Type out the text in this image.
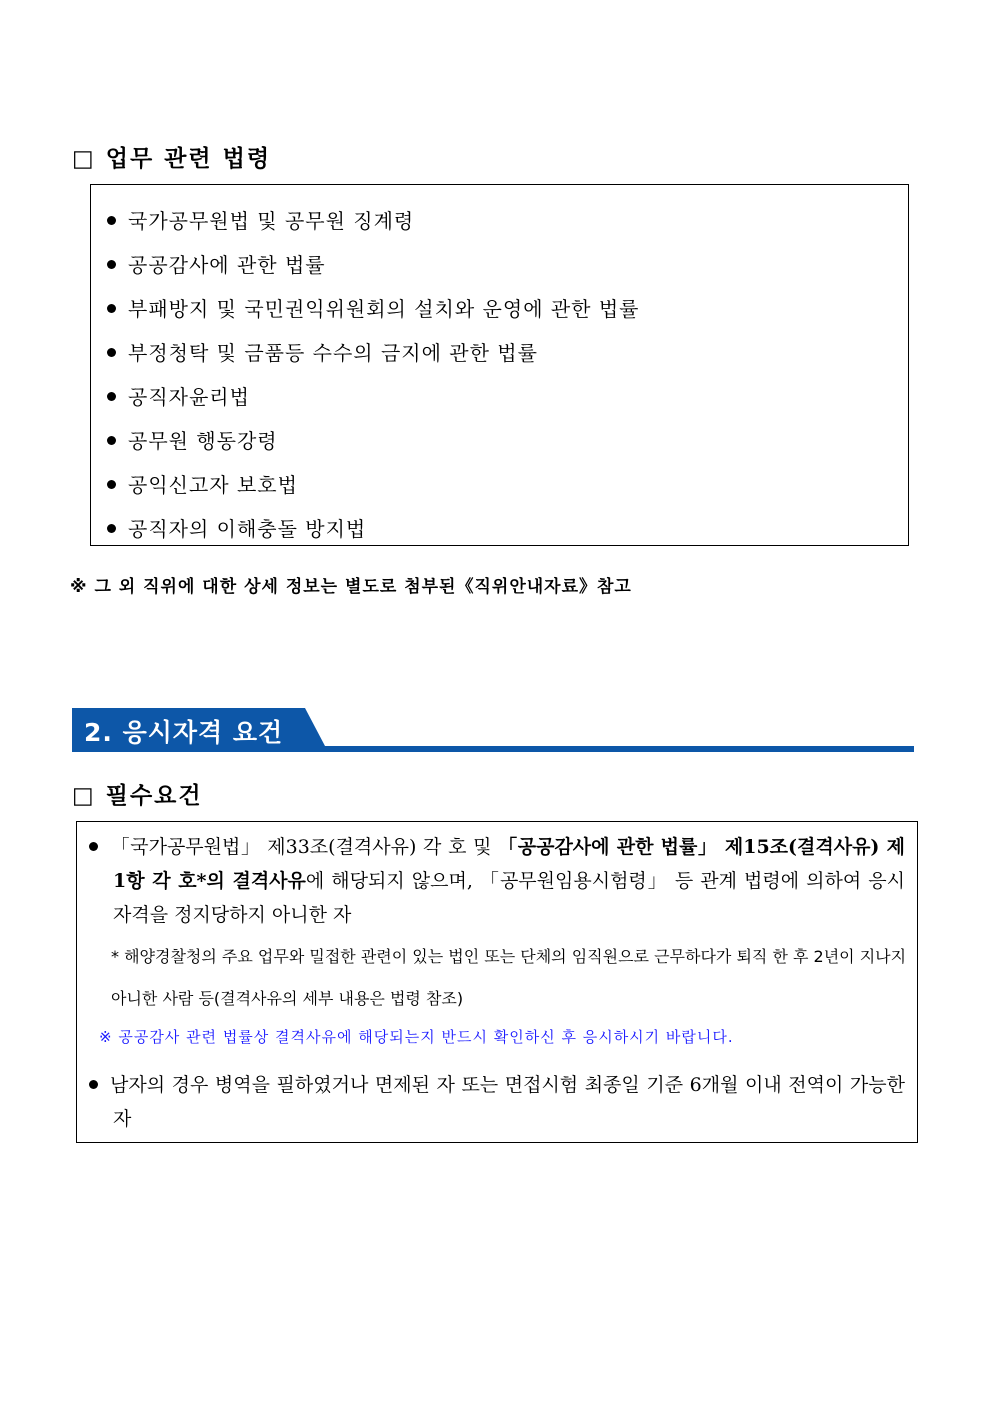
□ 업무 관련 법령
국가공무원법 및 공무원 징계령
공공감사에 관한 법률
부패방지 및 국민권익위원회의 설치와 운영에 관한 법률
부정청탁 및 금품등 수수의 금지에 관한 법률
공직자윤리법
공무원 행동강령
공익신고자 보호법
공직자의 이해충돌 방지법
※ 그 외 직위에 대한 상세 정보는 별도로 첨부된《직위안내자료》참고
2. 응시자격 요건
□ 필수요건
「국가공무원법」 제33조(결격사유) 각 호 및 「공공감사에 관한 법률」 제15조(결격사유) 제1항 각 호*의 결격사유에 해당되지 않으며, 「공무원임용시험령」 등 관계 법령에 의하여 응시자격을 정지당하지 아니한 자
* 해양경찰청의 주요 업무와 밀접한 관련이 있는 법인 또는 단체의 임직원으로 근무하다가 퇴직 한 후 2년이 지나지 아니한 사람 등(결격사유의 세부 내용은 법령 참조)
※ 공공감사 관련 법률상 결격사유에 해당되는지 반드시 확인하신 후 응시하시기 바랍니다.
남자의 경우 병역을 필하였거나 면제된 자 또는 면접시험 최종일 기준 6개월 이내 전역이 가능한 자
